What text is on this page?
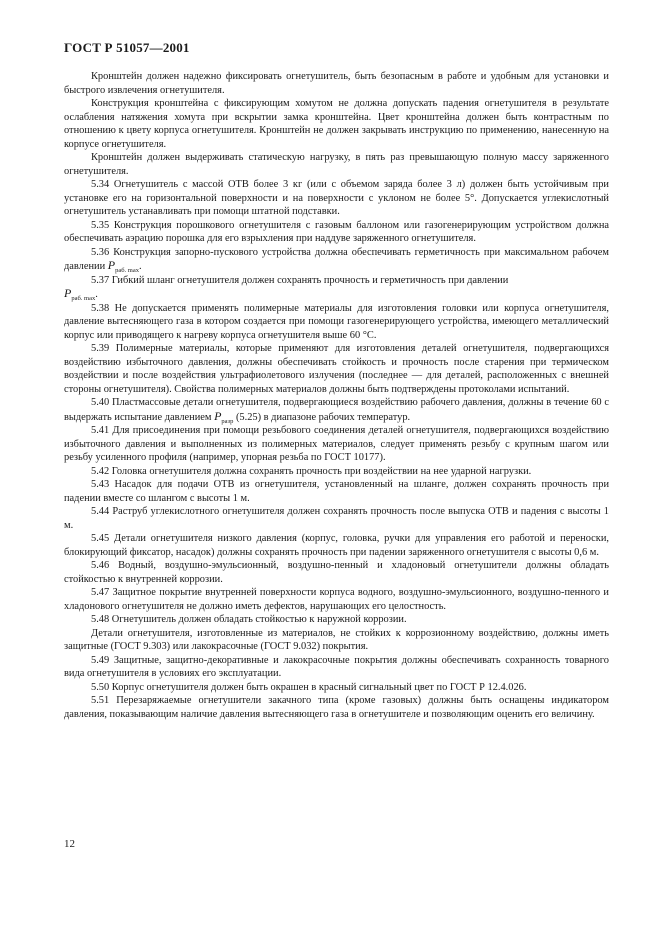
ГОСТ Р 51057—2001

Кронштейн должен надежно фиксировать огнетушитель, быть безопасным в работе и удобным для установки и быстрого извлечения огнетушителя.

Конструкция кронштейна с фиксирующим хомутом не должна допускать падения огнетушителя в результате ослабления натяжения хомута при вскрытии замка кронштейна. Цвет кронштейна должен быть контрастным по отношению к цвету корпуса огнетушителя. Кронштейн не должен закрывать инструкцию по применению, нанесенную на корпусе огнетушителя.

Кронштейн должен выдерживать статическую нагрузку, в пять раз превышающую полную массу заряженного огнетушителя.

5.34 Огнетушитель с массой ОТВ более 3 кг (или с объемом заряда более 3 л) должен быть устойчивым при установке его на горизонтальной поверхности и на поверхности с уклоном не более 5°. Допускается углекислотный огнетушитель устанавливать при помощи штатной подставки.

5.35 Конструкция порошкового огнетушителя с газовым баллоном или газогенерирующим устройством должна обеспечивать аэрацию порошка для его взрыхления при наддуве заряженного огнетушителя.

5.36 Конструкция запорно-пускового устройства должна обеспечивать герметичность при максимальном рабочем давлении $P_{раб. max}$.

5.37 Гибкий шланг огнетушителя должен сохранять прочность и герметичность при давлении

$P_{раб. max}$.

5.38 Не допускается применять полимерные материалы для изготовления головки или корпуса огнетушителя, давление вытесняющего газа в котором создается при помощи газогенерирующего устройства, имеющего металлический корпус или приводящего к нагреву корпуса огнетушителя выше 60 °С.

5.39 Полимерные материалы, которые применяют для изготовления деталей огнетушителя, подвергающихся воздействию избыточного давления, должны обеспечивать стойкость и прочность после старения при термическом воздействии и после воздействия ультрафиолетового излучения (последнее — для деталей, расположенных с внешней стороны огнетушителя). Свойства полимерных материалов должны быть подтверждены протоколами испытаний.

5.40 Пластмассовые детали огнетушителя, подвергающиеся воздействию рабочего давления, должны в течение 60 с выдержать испытание давлением $P_{разр}$ (5.25) в диапазоне рабочих температур.

5.41 Для присоединения при помощи резьбового соединения деталей огнетушителя, подвергающихся воздействию избыточного давления и выполненных из полимерных материалов, следует применять резьбу с крупным шагом или резьбу усиленного профиля (например, упорная резьба по ГОСТ 10177).

5.42 Головка огнетушителя должна сохранять прочность при воздействии на нее ударной нагрузки.

5.43 Насадок для подачи ОТВ из огнетушителя, установленный на шланге, должен сохранять прочность при падении вместе со шлангом с высоты 1 м.

5.44 Раструб углекислотного огнетушителя должен сохранять прочность после выпуска ОТВ и падения с высоты 1 м.

5.45 Детали огнетушителя низкого давления (корпус, головка, ручки для управления его работой и переноски, блокирующий фиксатор, насадок) должны сохранять прочность при падении заряженного огнетушителя с высоты 0,6 м.

5.46 Водный, воздушно-эмульсионный, воздушно-пенный и хладоновый огнетушители должны обладать стойкостью к внутренней коррозии.

5.47 Защитное покрытие внутренней поверхности корпуса водного, воздушно-эмульсионного, воздушно-пенного и хладонового огнетушителя не должно иметь дефектов, нарушающих его целостность.

5.48 Огнетушитель должен обладать стойкостью к наружной коррозии.

Детали огнетушителя, изготовленные из материалов, не стойких к коррозионному воздействию, должны иметь защитные (ГОСТ 9.303) или лакокрасочные (ГОСТ 9.032) покрытия.

5.49 Защитные, защитно-декоративные и лакокрасочные покрытия должны обеспечивать сохранность товарного вида огнетушителя в условиях его эксплуатации.

5.50 Корпус огнетушителя должен быть окрашен в красный сигнальный цвет по ГОСТ Р 12.4.026.

5.51 Перезаряжаемые огнетушители закачного типа (кроме газовых) должны быть оснащены индикатором давления, показывающим наличие давления вытесняющего газа в огнетушителе и позволяющим оценить его величину.

12
